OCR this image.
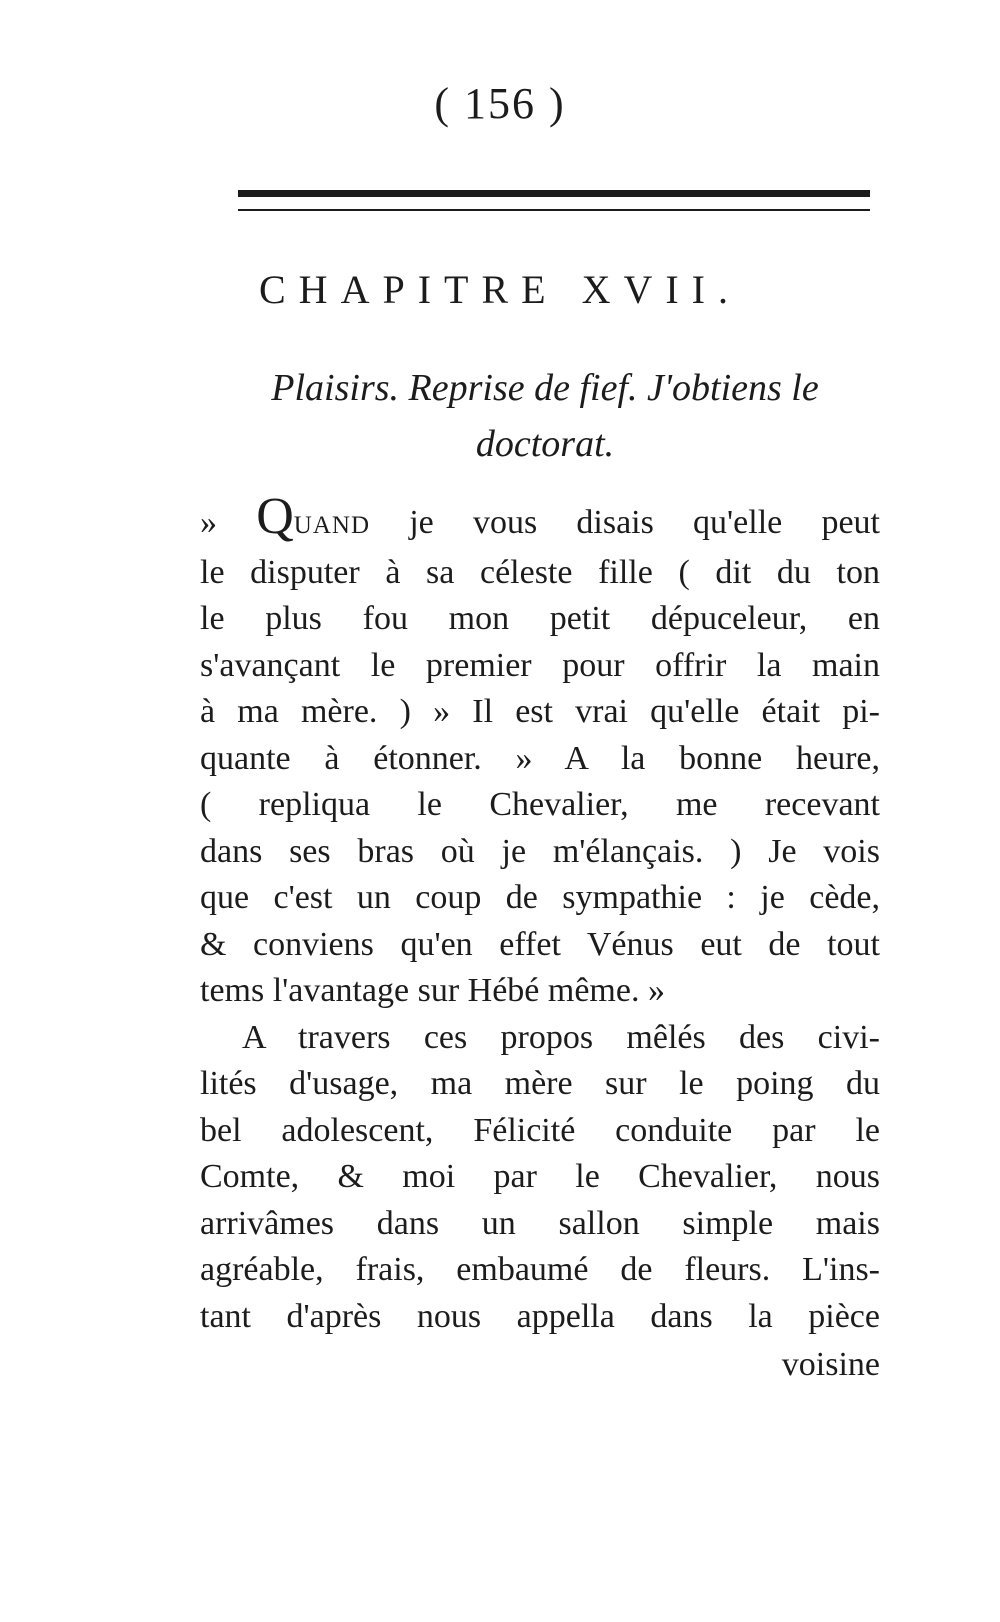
( 156 )
CHAPITRE XVII.
Plaisirs. Reprise de fief. J'obtiens le
doctorat.

» QUAND je vous disais qu'elle peut
le disputer à sa céleste fille ( dit du ton
le plus fou mon petit dépuceleur, en
s'avançant le premier pour offrir la main
à ma mère. ) » Il est vrai qu'elle était pi-
quante à étonner. » A la bonne heure,
( repliqua le Chevalier, me recevant
dans ses bras où je m'élançais. ) Je vois
que c'est un coup de sympathie : je cède,
& conviens qu'en effet Vénus eut de tout
tems l'avantage sur Hébé même. »

A travers ces propos mêlés des civi-
lités d'usage, ma mère sur le poing du
bel adolescent, Félicité conduite par le
Comte, & moi par le Chevalier, nous
arrivâmes dans un sallon simple mais
agréable, frais, embaumé de fleurs. L'ins-
tant d'après nous appella dans la pièce

voisine
